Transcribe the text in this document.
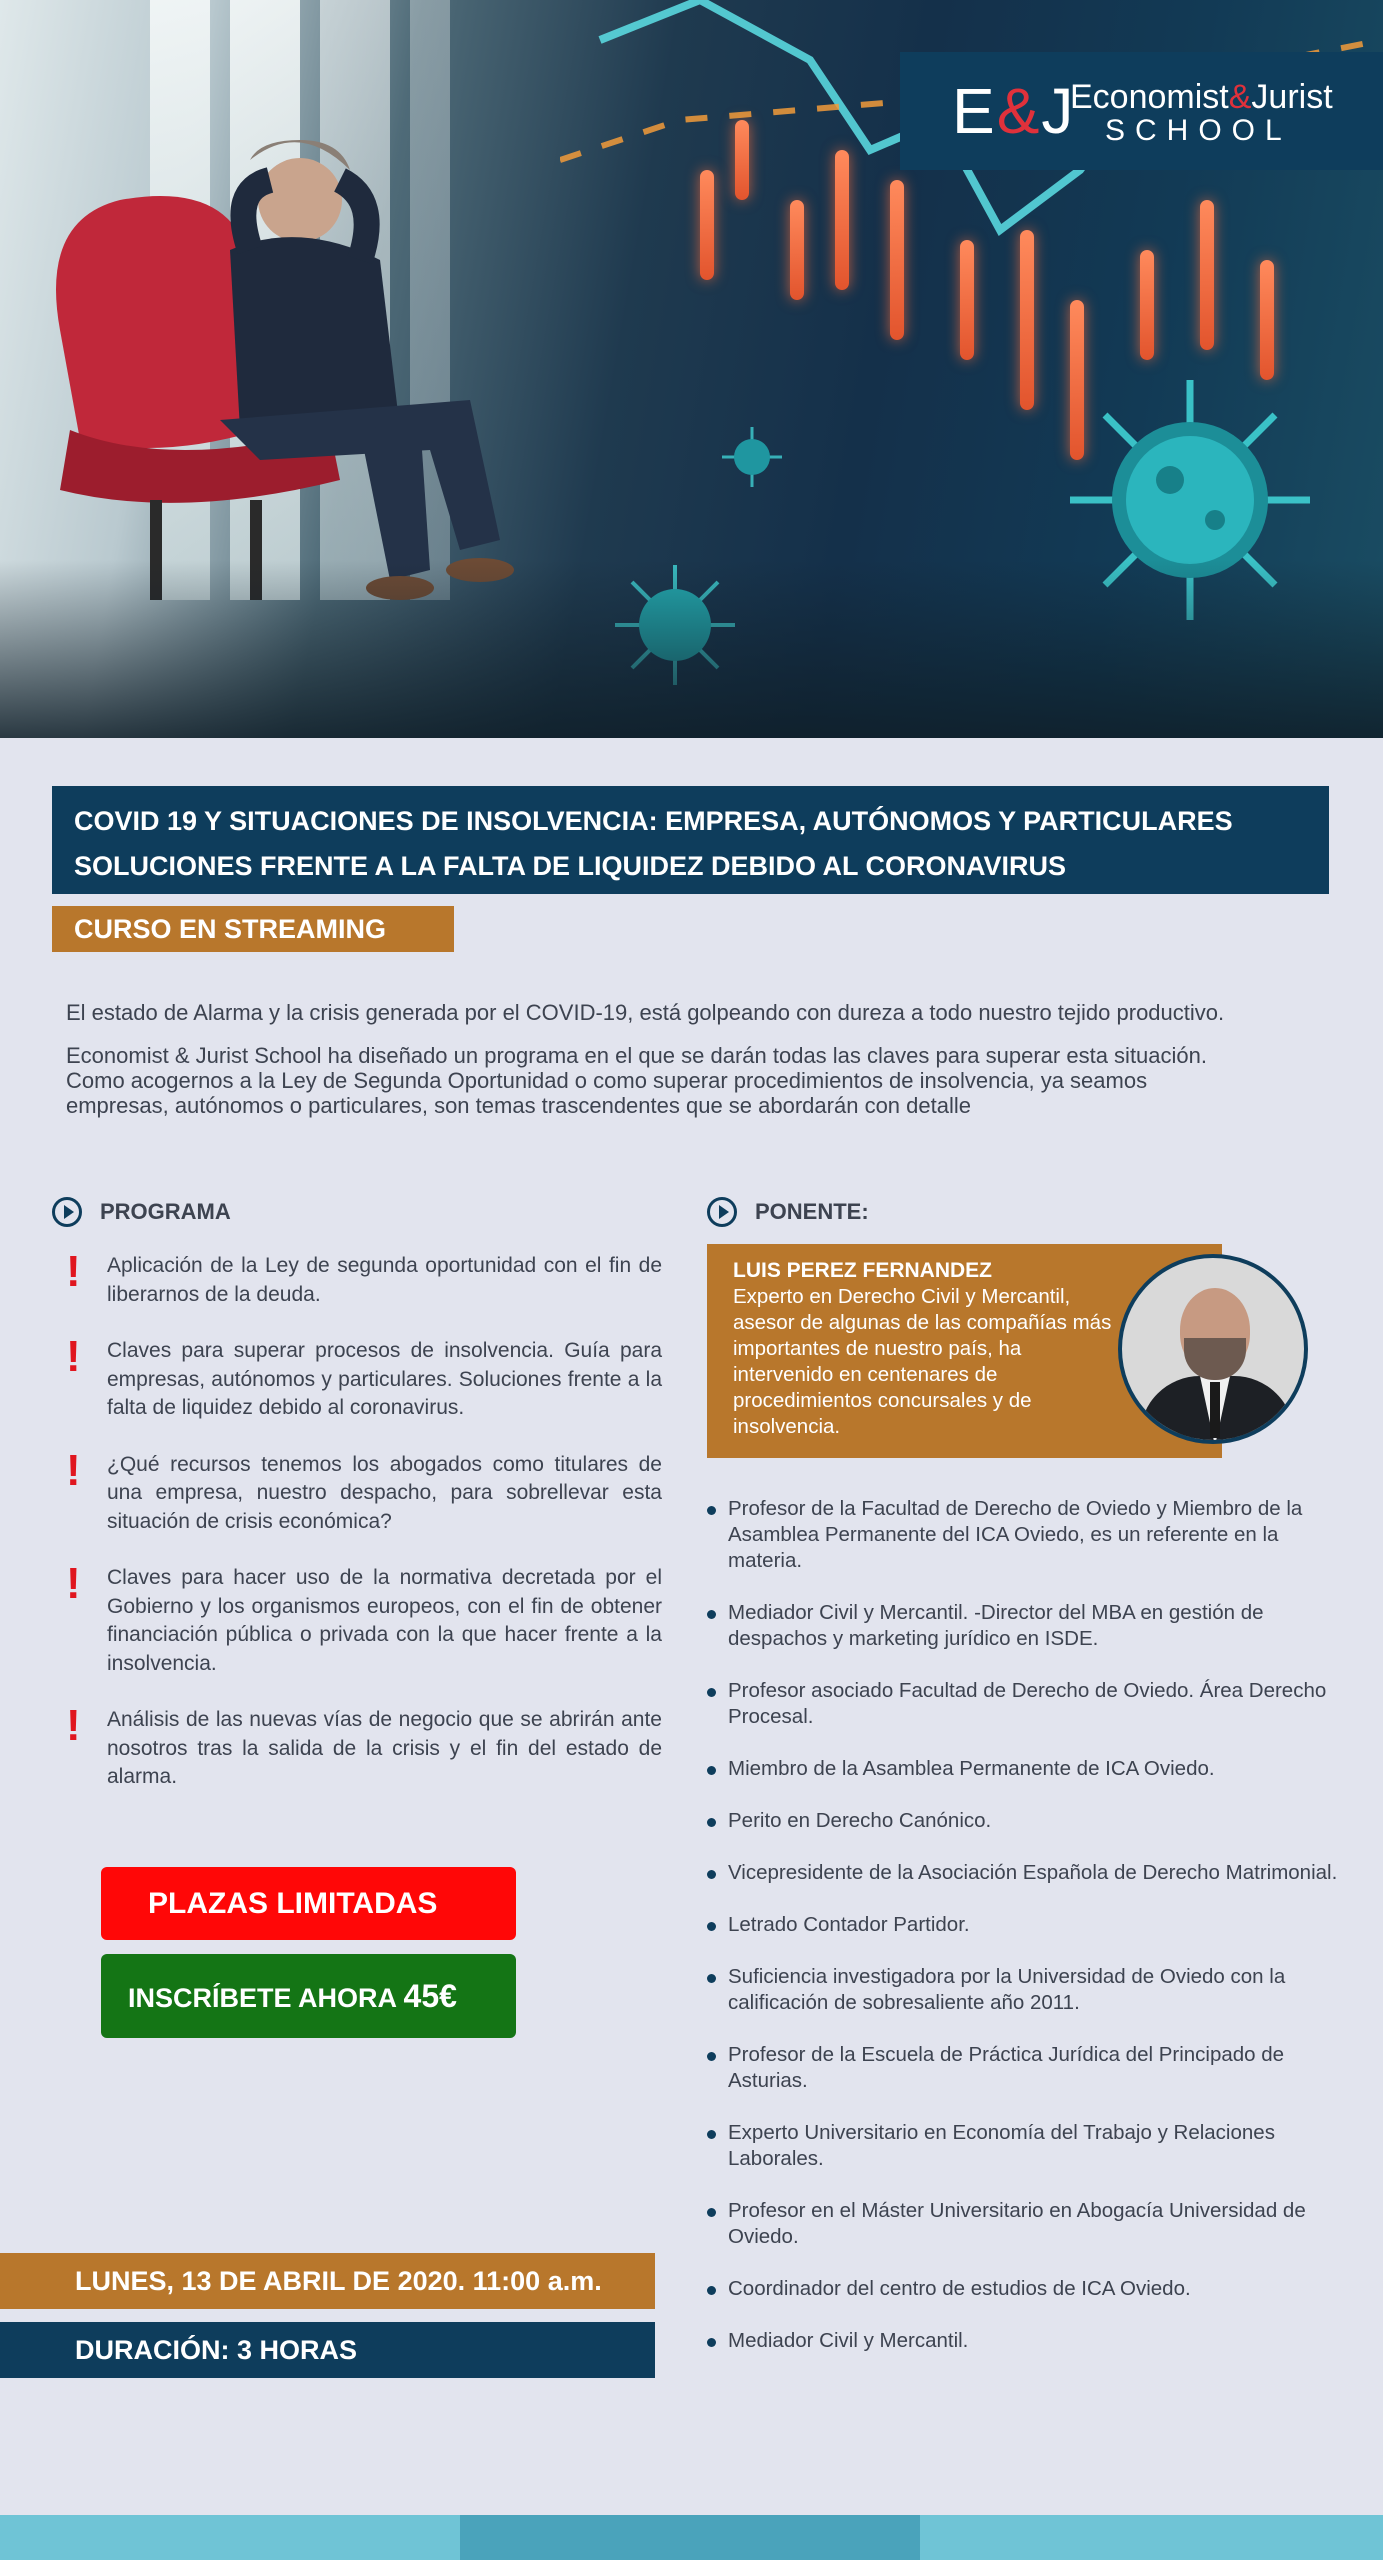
E&J
Economist&Jurist
SCHOOL
COVID 19 Y SITUACIONES DE INSOLVENCIA: EMPRESA, AUTÓNOMOS Y PARTICULARES
SOLUCIONES FRENTE A LA FALTA DE LIQUIDEZ DEBIDO AL CORONAVIRUS
CURSO EN STREAMING

El estado de Alarma y la crisis generada por el COVID-19, está golpeando con dureza a todo nuestro tejido productivo.

Economist & Jurist School ha diseñado un programa en el que se darán todas las claves para superar esta situación.
Como acogernos a la Ley de Segunda Oportunidad o como superar procedimientos de insolvencia, ya seamos
empresas, autónomos o particulares, son temas trascendentes que se abordarán con detalle

PROGRAMA
! Aplicación de la Ley de segunda oportunidad con el fin de liberarnos de la deuda.
! Claves para superar procesos de insolvencia. Guía para empresas, autónomos y particulares. Soluciones frente a la falta de liquidez debido al coronavirus.
! ¿Qué recursos tenemos los abogados como titulares de una empresa, nuestro despacho, para sobrellevar esta situación de crisis económica?
! Claves para hacer uso de la normativa decretada por el Gobierno y los organismos europeos, con el fin de obtener financiación pública o privada con la que hacer frente a la insolvencia.
! Análisis de las nuevas vías de negocio que se abrirán ante nosotros tras la salida de la crisis y el fin del estado de alarma.
PLAZAS LIMITADAS
INSCRÍBETE AHORA 45€
LUNES, 13 DE ABRIL DE 2020. 11:00 a.m.
DURACIÓN: 3 HORAS
PONENTE:
LUIS PEREZ FERNANDEZ
Experto en Derecho Civil y Mercantil, asesor de algunas de las compañías más importantes de nuestro país, ha intervenido en centenares de procedimientos concursales y de insolvencia.
Profesor de la Facultad de Derecho de Oviedo y Miembro de la Asamblea Permanente del ICA Oviedo, es un referente en la materia.
Mediador Civil y Mercantil. -Director del MBA en gestión de despachos y marketing jurídico en ISDE.
Profesor asociado Facultad de Derecho de Oviedo. Área Derecho Procesal.
Miembro de la Asamblea Permanente de ICA Oviedo.
Perito en Derecho Canónico.
Vicepresidente de la Asociación Española de Derecho Matrimonial.
Letrado Contador Partidor.
Suficiencia investigadora por la Universidad de Oviedo con la calificación de sobresaliente año 2011.
Profesor de la Escuela de Práctica Jurídica del Principado de Asturias.
Experto Universitario en Economía del Trabajo y Relaciones Laborales.
Profesor en el Máster Universitario en Abogacía Universidad de Oviedo.
Coordinador del centro de estudios de ICA Oviedo.
Mediador Civil y Mercantil.
